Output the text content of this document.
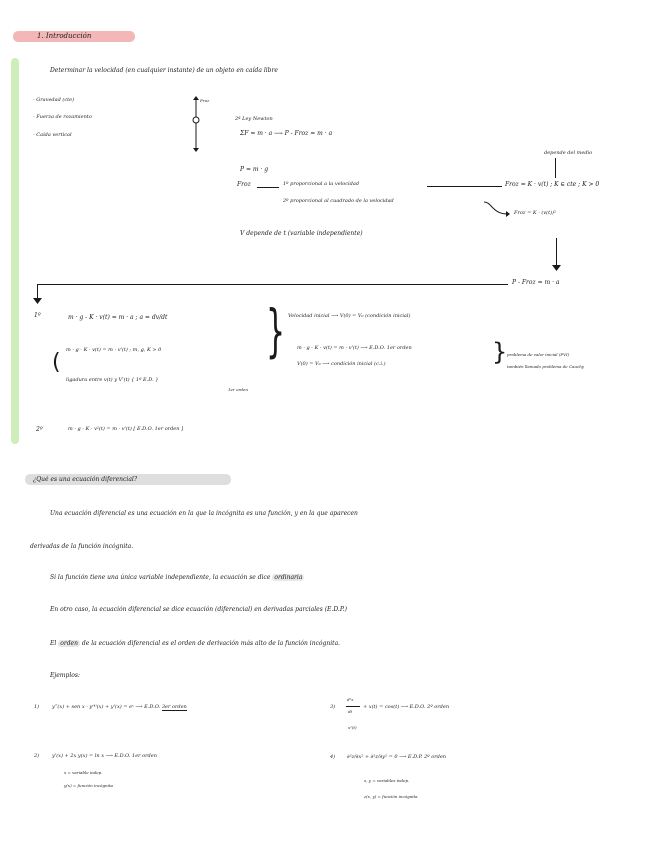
1. Introducción
Determinar la velocidad (en cualquier instante) de un objeto en caída libre
- Gravedad (cte)
- Fuerza de rozamiento
- Caída vertical
Froz
2ª Ley Newton
ΣF = m · a ⟶ P - Froz = m · a
depende del medio
P = m · g
Froz	1º proporcional a la velocidad	Froz = K · v(t) ; K ∈ cte ; K > 0
2º proporcional al cuadrado de la velocidad
Froz = K · (v(t))²
V depende de t (variable independiente)
P - Froz = m · a
1º	m · g - K · v(t) = m · a ; a = dv/dt	} Velocidad inicial ⟶ V(0) = V₀ (condición inicial)
( m · g - K · v(t) = m · v'(t) ; m, g, K > 0
ligadura entre v(t) y V'(t) { 1º E.D. }
1er orden
m · g - K · v(t) = m · v'(t) ⟶ E.D.O. 1er orden
V(0) = V₀ ⟶ condición inicial (c.i.)	} problema de valor inicial (PVI)
también llamado problema de Cauchy
2º	m · g - K · v²(t) = m · v'(t) [ E.D.O. 1er orden ]
¿Qué es una ecuación diferencial?
Una ecuación diferencial es una ecuación en la que la incógnita es una función, y en la que aparecen
derivadas de la función incógnita.
Si la función tiene una única variable independiente, la ecuación se dice ordinaria
En otro caso, la ecuación diferencial se dice ecuación (diferencial) en derivadas parciales (E.D.P.)
El orden de la ecuación diferencial es el orden de derivación más alto de la función incógnita.
Ejemplos:
1)	y‴(x) + sen x · y⁽⁴⁾(x) + y'(x) = eˣ ⟶ E.D.O. 3er orden	3)
d²x
dt
x²(t)
+ x(t) = cos(t) ⟶ E.D.O. 2º orden
2)	y'(x) + 2x y(x) = ln x ⟶ E.D.O. 1er orden
x = variable indep.
y(x) = función incógnita
4) ∂²z/∂x² + ∂²z/∂y² = 0 ⟶ E.D.P. 2º orden
x, y = variables indep.
z(x, y) = función incógnita
